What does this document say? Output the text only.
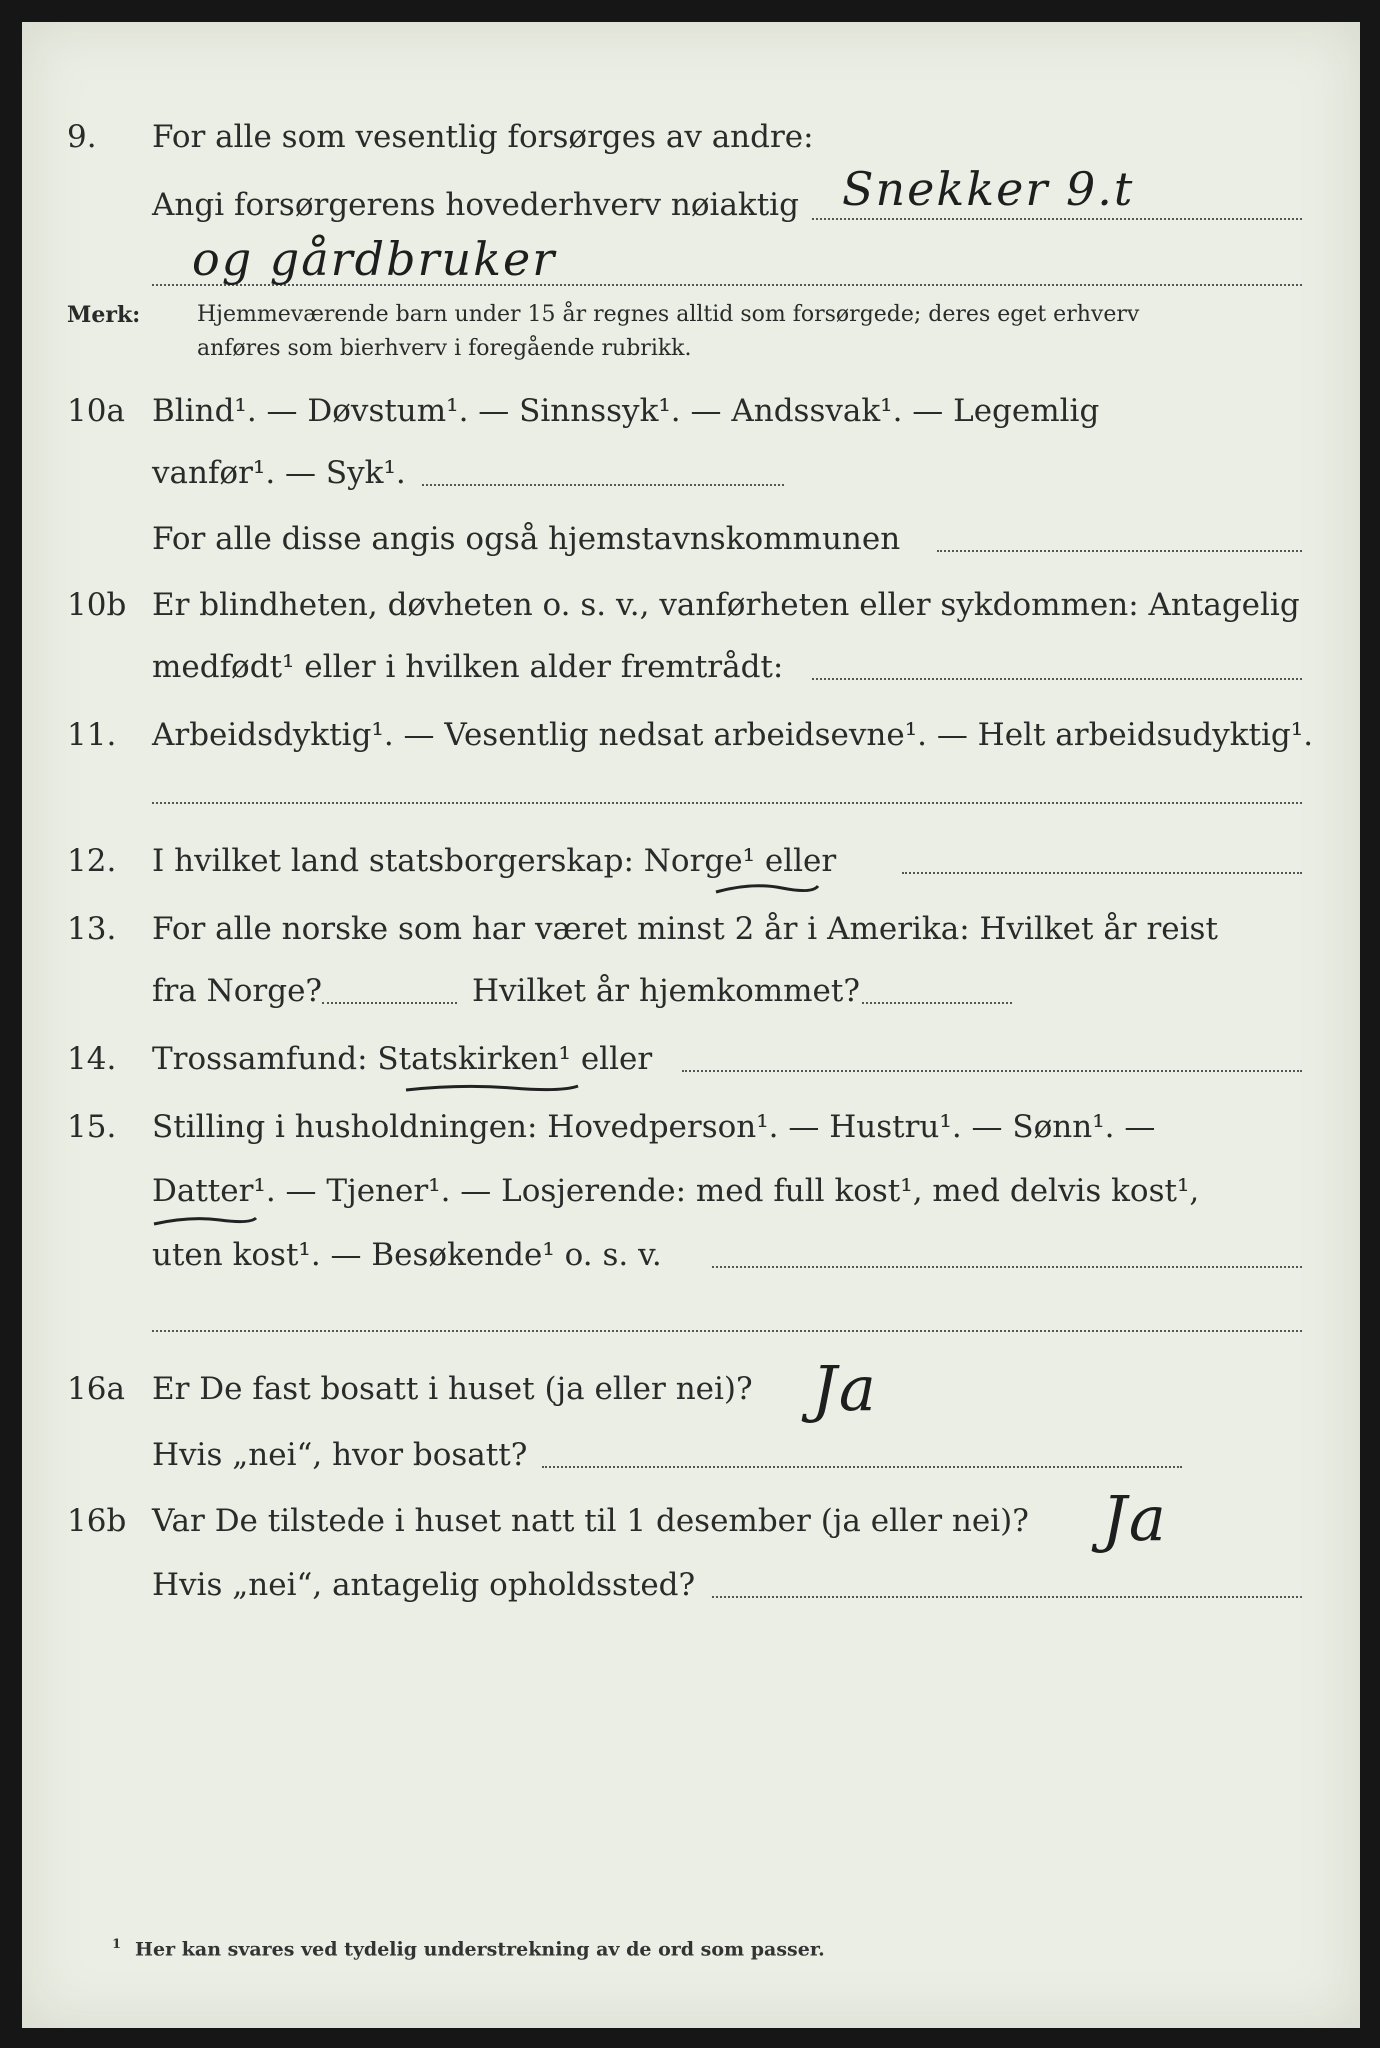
9. For alle som vesentlig forsørges av andre:
Angi forsørgerens hovederhverv nøiaktig Snekker 9.t
og gårdbruker
Merk:	Hjemmeværende barn under 15 år regnes alltid som forsørgede; deres eget erhverv
anføres som bierhverv i foregående rubrikk.
10a Blind¹. — Døvstum¹. — Sinnssyk¹. — Andssvak¹. — Legemlig
vanfør¹. — Syk¹.
For alle disse angis også hjemstavnskommunen
10b Er blindheten, døvheten o. s. v., vanførheten eller sykdommen: Antagelig
medfødt¹ eller i hvilken alder fremtrådt:
11. Arbeidsdyktig¹. — Vesentlig nedsat arbeidsevne¹. — Helt arbeidsudyktig¹.
12. I hvilket land statsborgerskap: Norge¹ eller
13. For alle norske som har været minst 2 år i Amerika: Hvilket år reist
fra Norge?	Hvilket år hjemkommet?
14. Trossamfund: Statskirken¹ eller
15. Stilling i husholdningen: Hovedperson¹. — Hustru¹. — Sønn¹. —
Datter¹. — Tjener¹. — Losjerende: med full kost¹, med delvis kost¹,
uten kost¹. — Besøkende¹ o. s. v.
16a Er De fast bosatt i huset (ja eller nei)? Ja
Hvis „nei“, hvor bosatt?
16b Var De tilstede i huset natt til 1 desember (ja eller nei)? Ja
Hvis „nei“, antagelig opholdssted?
$^1$ Her kan svares ved tydelig understrekning av de ord som passer.
